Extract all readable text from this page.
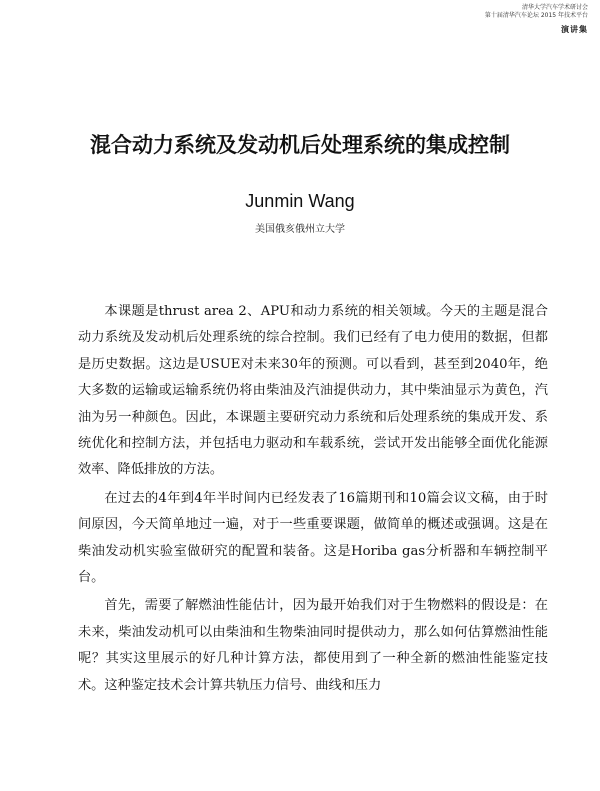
清华大学汽车学术研讨会
第十届清华汽车论坛 2015 年技术平台
演讲集
混合动力系统及发动机后处理系统的集成控制
Junmin Wang
美国俄亥俄州立大学

本课题是thrust area 2、APU和动力系统的相关领域。今天的主题是混合动力系统及发动机后处理系统的综合控制。我们已经有了电力使用的数据，但都是历史数据。这边是USUE对未来30年的预测。可以看到，甚至到2040年，绝大多数的运输或运输系统仍将由柴油及汽油提供动力，其中柴油显示为黄色，汽油为另一种颜色。因此，本课题主要研究动力系统和后处理系统的集成开发、系统优化和控制方法，并包括电力驱动和车载系统，尝试开发出能够全面优化能源效率、降低排放的方法。

在过去的4年到4年半时间内已经发表了16篇期刊和10篇会议文稿，由于时间原因，今天简单地过一遍，对于一些重要课题，做简单的概述或强调。这是在柴油发动机实验室做研究的配置和装备。这是Horiba gas分析器和车辆控制平台。

首先，需要了解燃油性能估计，因为最开始我们对于生物燃料的假设是：在未来，柴油发动机可以由柴油和生物柴油同时提供动力，那么如何估算燃油性能呢？其实这里展示的好几种计算方法，都使用到了一种全新的燃油性能鉴定技术。这种鉴定技术会计算共轨压力信号、曲线和压力
